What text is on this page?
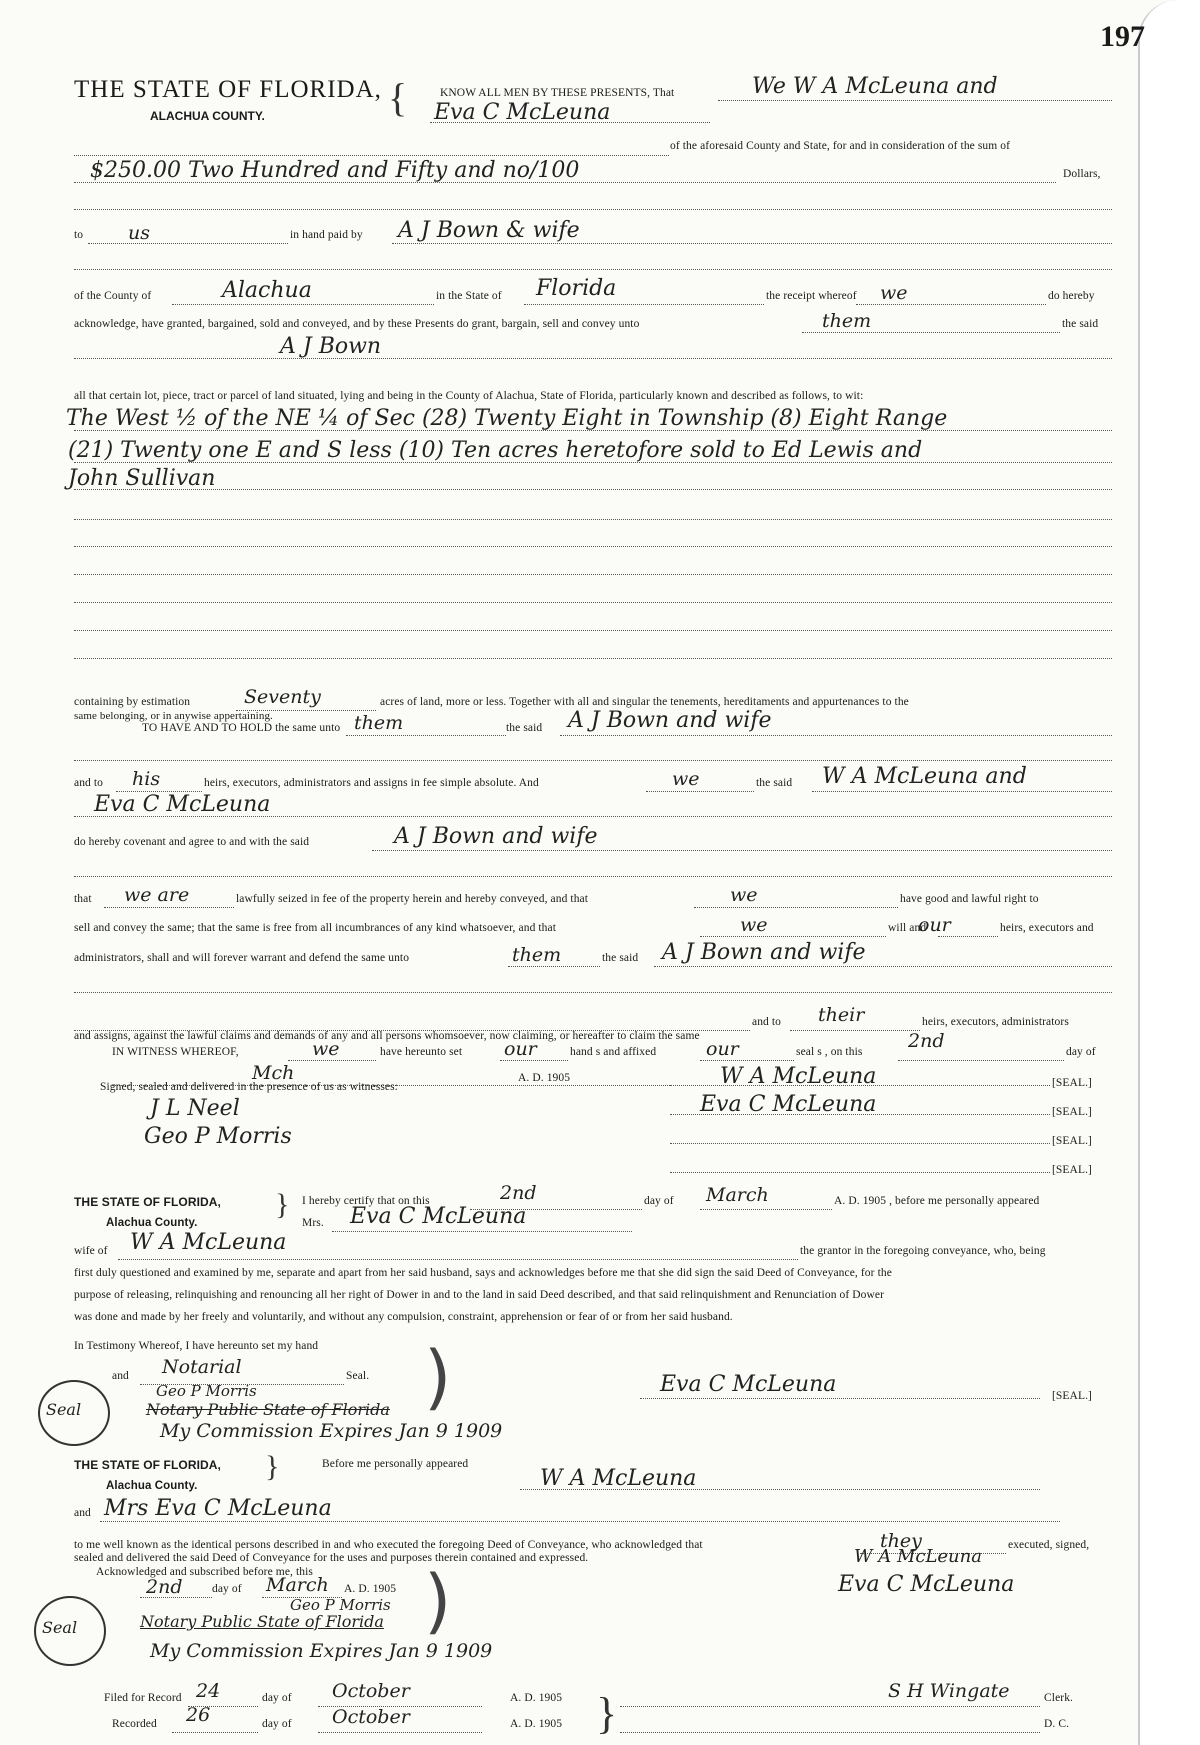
197
THE STATE OF FLORIDA, {
ALACHUA COUNTY.
KNOW ALL MEN BY THESE PRESENTS, That	We W A McLeuna and
Eva C McLeuna
of the aforesaid County and State, for and in consideration of the sum of
$250.00 Two Hundred and Fifty and no/100	Dollars,
to us	in hand paid by A J Bown & wife
of the County of	Alachua	in the State of Florida	the receipt whereof we	do hereby
acknowledge, have granted, bargained, sold and conveyed, and by these Presents do grant, bargain, sell and convey unto	them	the said
A J Bown
all that certain lot, piece, tract or parcel of land situated, lying and being in the County of Alachua, State of Florida, particularly known and described as follows, to wit:
The West ½ of the NE ¼ of Sec (28) Twenty Eight in Township (8) Eight Range
(21) Twenty one E and S less (10) Ten acres heretofore sold to Ed Lewis and
John Sullivan
containing by estimation	Seventy	acres of land, more or less. Together with all and singular the tenements, hereditaments and appurtenances to the
same belonging, or in anywise appertaining.
TO HAVE AND TO HOLD the same unto them	the said A J Bown and wife
and to his	heirs, executors, administrators and assigns in fee simple absolute. And	we	the said W A McLeuna and
Eva C McLeuna
do hereby covenant and agree to and with the said	A J Bown and wife
that we are	lawfully seized in fee of the property herein and hereby conveyed, and that	we	have good and lawful right to
sell and convey the same; that the same is free from all incumbrances of any kind whatsoever, and that	we	will and
our	heirs, executors and
administrators, shall and will forever warrant and defend the same unto	them	the said A J Bown and wife
and to their	heirs, executors, administrators
and assigns, against the lawful claims and demands of any and all persons whomsoever, now claiming, or hereafter to claim the same
IN WITNESS WHEREOF,	we	have hereunto set our	hand s and affixed	our	seal s , on this 2nd	day of
Mch	A. D. 1905
Signed, sealed and delivered in the presence of us as witnesses:
J L Neel
Geo P Morris
W A McLeuna	[SEAL.]
Eva C McLeuna	[SEAL.]
[SEAL.]
[SEAL.]
THE STATE OF FLORIDA, }
Alachua County.
I hereby certify that on this	2nd	day of March	A. D. 1905 , before me personally appeared
Mrs. Eva C McLeuna
wife of W A McLeuna	the grantor in the foregoing conveyance, who, being
first duly questioned and examined by me, separate and apart from her said husband, says and acknowledges before me that she did sign the said Deed of Conveyance, for the
purpose of releasing, relinquishing and renouncing all her right of Dower in and to the land in said Deed described, and that said relinquishment and Renunciation of Dower
was done and made by her freely and voluntarily, and without any compulsion, constraint, apprehension or fear of or from her said husband.
In Testimony Whereof, I have hereunto set my hand )
and Notarial	Seal.
Geo P Morris
Notary Public State of Florida
My Commission Expires Jan 9 1909
Seal
Eva C McLeuna	[SEAL.]
THE STATE OF FLORIDA, }
Alachua County.
Before me personally appeared
W A McLeuna
and Mrs Eva C McLeuna
to me well known as the identical persons described in and who executed the foregoing Deed of Conveyance, who acknowledged that	they	executed, signed,
sealed and delivered the said Deed of Conveyance for the uses and purposes therein contained and expressed.
Acknowledged and subscribed before me, this )
2nd	day of March A. D. 1905
Geo P Morris
Notary Public State of Florida
My Commission Expires Jan 9 1909
Seal
W A McLeuna
Eva C McLeuna
Filed for Record 24	day of October	A. D. 1905
Recorded 26	day of October	A. D. 1905 }	S H Wingate	Clerk.
D. C.
